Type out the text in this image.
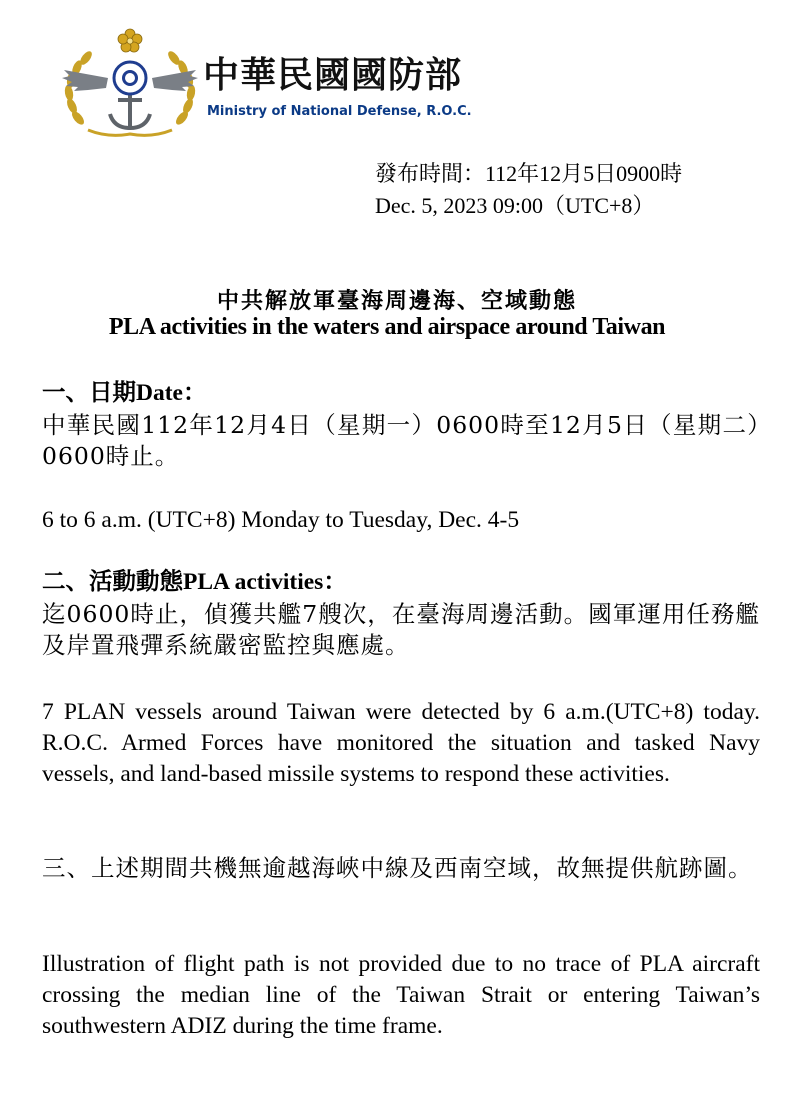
中華民國國防部
Ministry of National Defense, R.O.C.
發布時間：112年12月5日0900時
Dec. 5, 2023 09:00（UTC+8）
中共解放軍臺海周邊海、空域動態
PLA activities in the waters and airspace around Taiwan
一、日期Date：
中華民國112年12月4日（星期一）0600時至12月5日（星期二）0600時止。
6 to 6 a.m. (UTC+8) Monday to Tuesday, Dec. 4-5
二、活動動態PLA activities：
迄0600時止，偵獲共艦7艘次，在臺海周邊活動。國軍運用任務艦及岸置飛彈系統嚴密監控與應處。
7 PLAN vessels around Taiwan were detected by 6 a.m.(UTC+8) today. R.O.C. Armed Forces have monitored the situation and tasked Navy vessels, and land-based missile systems to respond these activities.
三、上述期間共機無逾越海峽中線及西南空域，故無提供航跡圖。
Illustration of flight path is not provided due to no trace of PLA aircraft crossing the median line of the Taiwan Strait or entering Taiwan’s southwestern ADIZ during the time frame.
